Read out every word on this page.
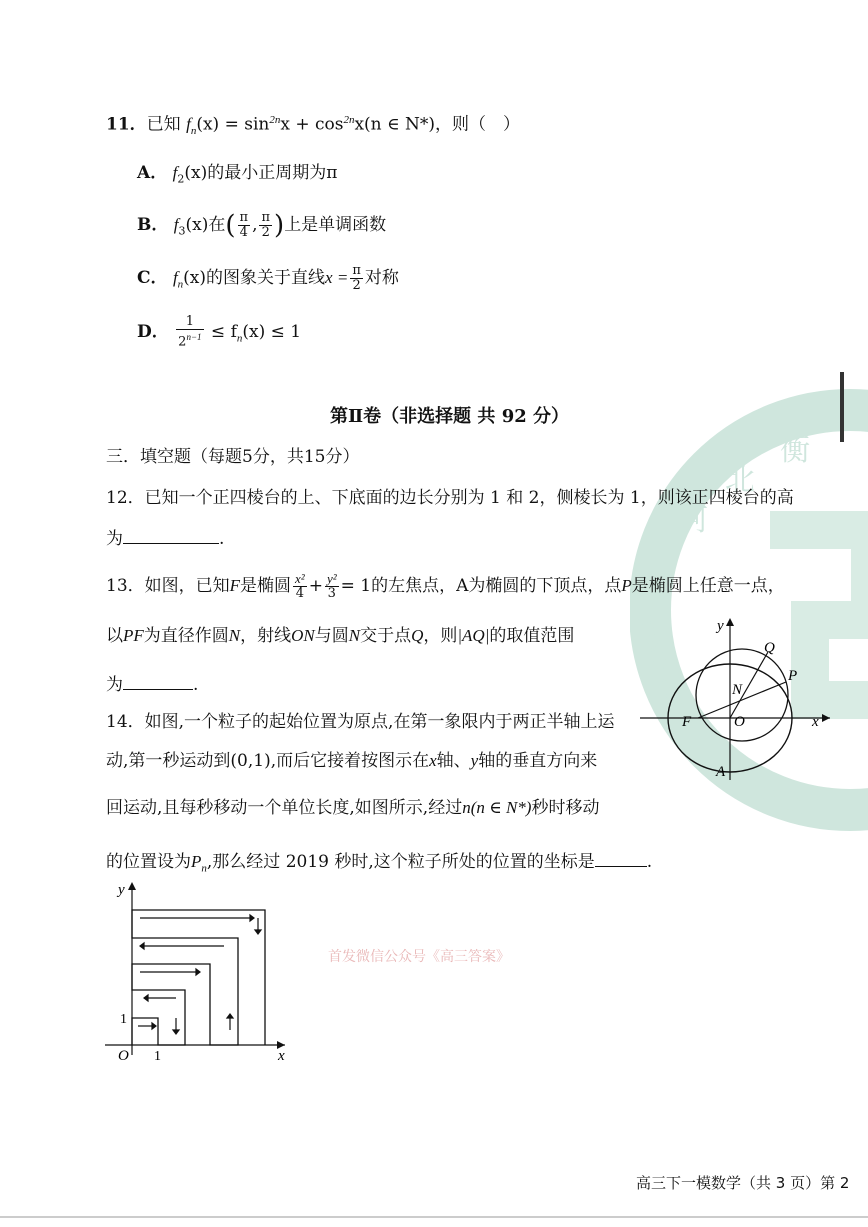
衡
北
河
HENGSHUI
HIGH
11．已知 $f_n(x) = \sin^{2n}x + \cos^{2n}x(n$ ∈ N*)，则（　）
A． $f_2(x)$的最小正周期为π
B． $f_3(x)$在( $\frac{\pi}{4}$ , $\frac{\pi}{2}$ )上是单调函数
C． $f_n(x)$的图象关于直线$x = \frac{\pi}{2}$ 对称
D． $\frac{1}{2^{n-1}} \le f_n(x) \le 1$
第Ⅱ卷（非选择题 共 92 分）
三．填空题（每题5分，共15分）
12．已知一个正四棱台的上、下底面的边长分别为 1 和 2，侧棱长为 1，则该正四棱台的高
为	.
13．如图，已知F是椭圆 $\frac{\text{x²}}{4} + \frac{\text{y²}}{3} = 1$的左焦点，A为椭圆的下顶点，点P是椭圆上任意一点，
以PF为直径作圆N，射线ON与圆N交于点Q，则|AQ|的取值范围
为	.
14．如图,一个粒子的起始位置为原点,在第一象限内于两正半轴上运
动,第一秒运动到(0,1),而后它接着按图示在x轴、y轴的垂直方向来
回运动,且每秒移动一个单位长度,如图所示,经过n(n ∈ N*)秒时移动
的位置设为$P_n$,那么经过 2019 秒时,这个粒子所处的位置的坐标是	.
y
x
Q
P
N
F	O
A
y
x
O 1
1
首发微信公众号《高三答案》
高三下一模数学（共 3 页）第 2
